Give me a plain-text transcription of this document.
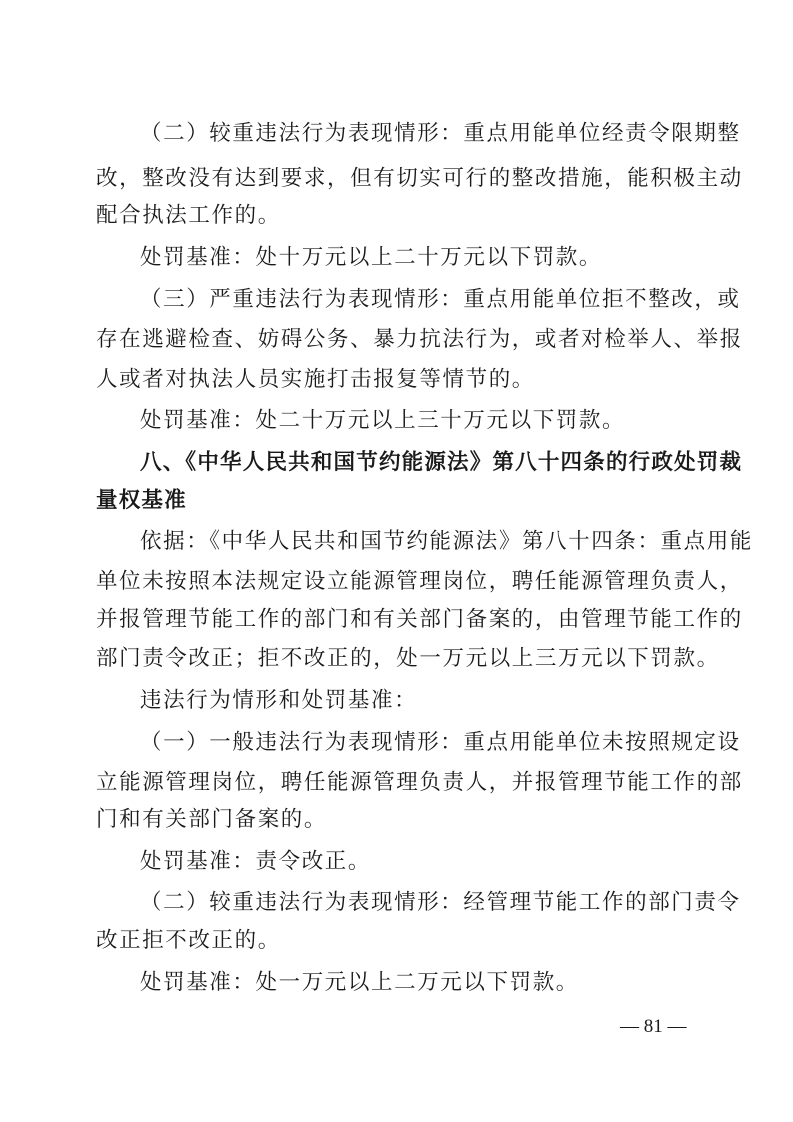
（二）较重违法行为表现情形：重点用能单位经责令限期整
改，整改没有达到要求，但有切实可行的整改措施，能积极主动
配合执法工作的。
处罚基准：处十万元以上二十万元以下罚款。
（三）严重违法行为表现情形：重点用能单位拒不整改，或
存在逃避检查、妨碍公务、暴力抗法行为，或者对检举人、举报
人或者对执法人员实施打击报复等情节的。
处罚基准：处二十万元以上三十万元以下罚款。
八、《中华人民共和国节约能源法》第八十四条的行政处罚裁
量权基准
依据：《中华人民共和国节约能源法》第八十四条：重点用能
单位未按照本法规定设立能源管理岗位，聘任能源管理负责人，
并报管理节能工作的部门和有关部门备案的，由管理节能工作的
部门责令改正；拒不改正的，处一万元以上三万元以下罚款。
违法行为情形和处罚基准：
（一）一般违法行为表现情形：重点用能单位未按照规定设
立能源管理岗位，聘任能源管理负责人，并报管理节能工作的部
门和有关部门备案的。
处罚基准：责令改正。
（二）较重违法行为表现情形：经管理节能工作的部门责令
改正拒不改正的。
处罚基准：处一万元以上二万元以下罚款。
— 81 —
